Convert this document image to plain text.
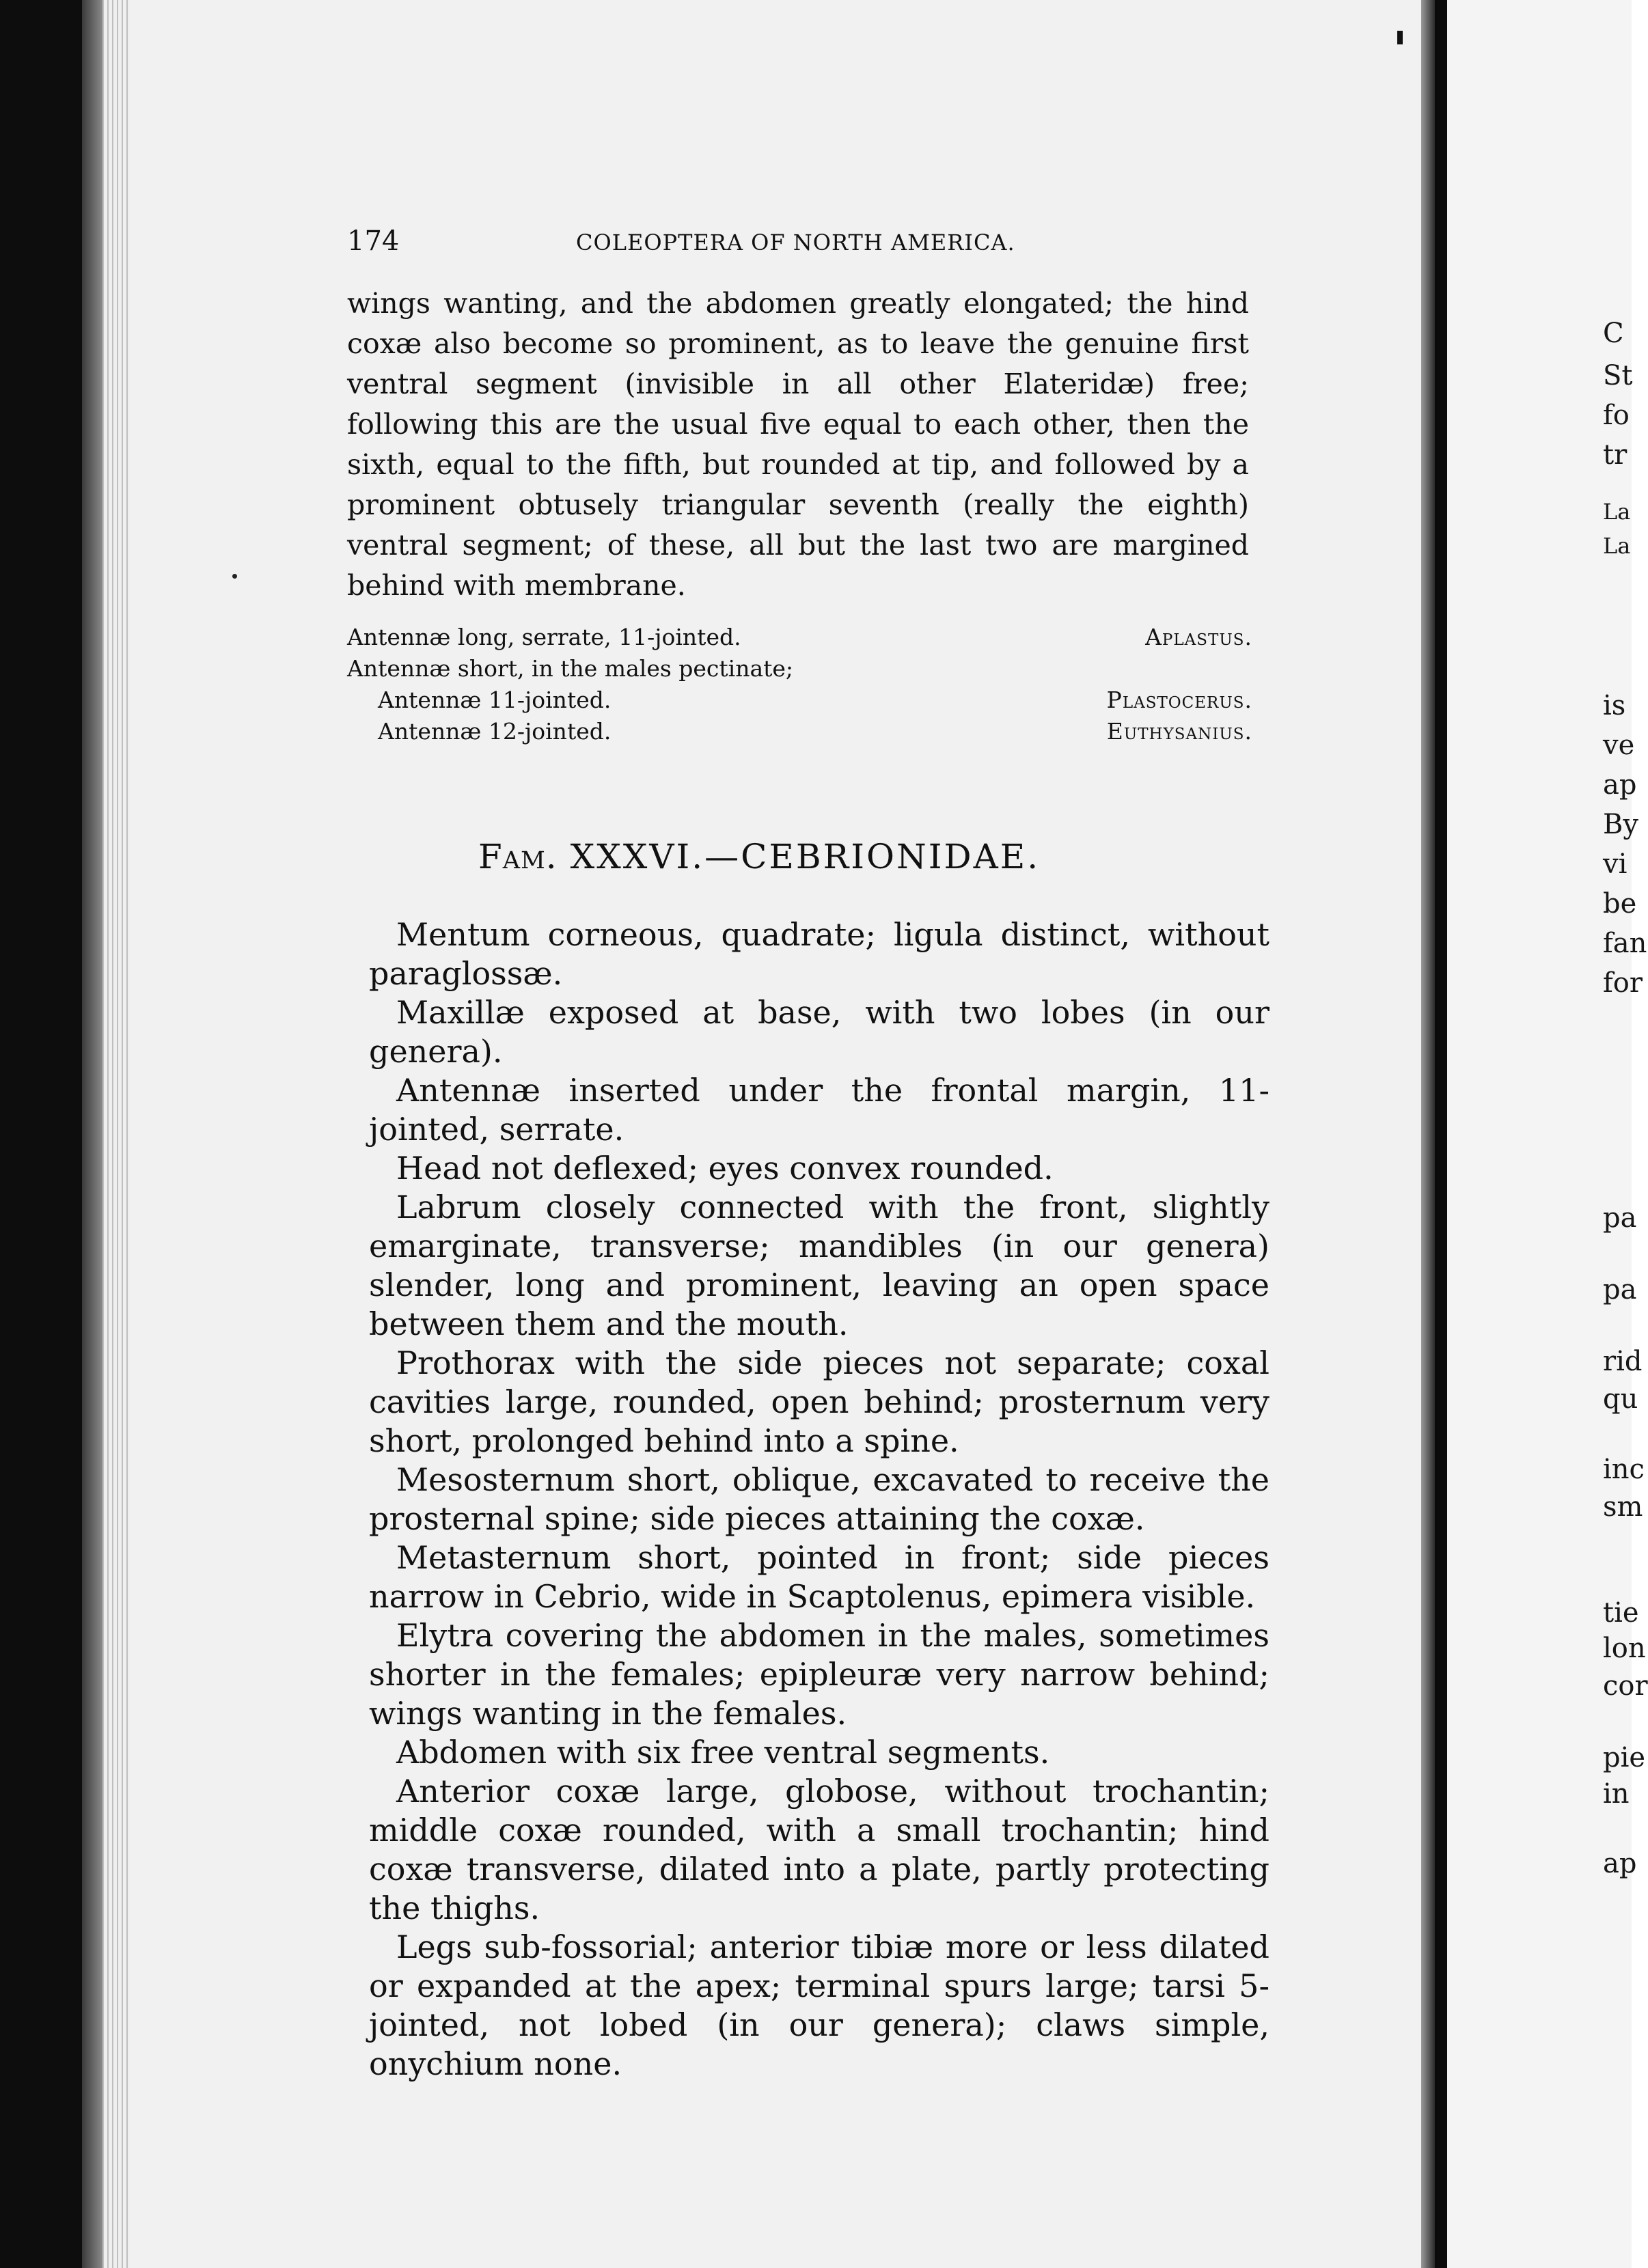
C
St
fo
tr
La
La
is
ve
ap
By
vi
be
fan
for
pa
pa
rid
qu
inc
sm
tie
lon
cor
pie
in
ap
174	COLEOPTERA OF NORTH AMERICA.
wings wanting, and the abdomen greatly elongated; the hind coxæ also become so prominent, as to leave the genuine first ventral segment (invisible in all other Elateridæ) free; following this are the usual five equal to each other, then the sixth, equal to the fifth, but rounded at tip, and followed by a prominent obtusely triangular seventh (really the eighth) ventral segment; of these, all but the last two are margined behind with membrane.
Antennæ long, serrate, 11-jointed.	Aplastus.
Antennæ short, in the males pectinate;
Antennæ 11-jointed.	Plastocerus.
Antennæ 12-jointed.	Euthysanius.
Fam. XXXVI.—CEBRIONIDAE.

Mentum corneous, quadrate; ligula distinct, without paraglossæ.

Maxillæ exposed at base, with two lobes (in our genera).

Antennæ inserted under the frontal margin, 11-jointed, serrate.

Head not deflexed; eyes convex rounded.

Labrum closely connected with the front, slightly emarginate, transverse; mandibles (in our genera) slender, long and prominent, leaving an open space between them and the mouth.

Prothorax with the side pieces not separate; coxal cavities large, rounded, open behind; prosternum very short, prolonged behind into a spine.

Mesosternum short, oblique, excavated to receive the prosternal spine; side pieces attaining the coxæ.

Metasternum short, pointed in front; side pieces narrow in Cebrio, wide in Scaptolenus, epimera visible.

Elytra covering the abdomen in the males, sometimes shorter in the females; epipleuræ very narrow behind; wings wanting in the females.

Abdomen with six free ventral segments.

Anterior coxæ large, globose, without trochantin; middle coxæ rounded, with a small trochantin; hind coxæ transverse, dilated into a plate, partly protecting the thighs.

Legs sub-fossorial; anterior tibiæ more or less dilated or expanded at the apex; terminal spurs large; tarsi 5-jointed, not lobed (in our genera); claws simple, onychium none.
